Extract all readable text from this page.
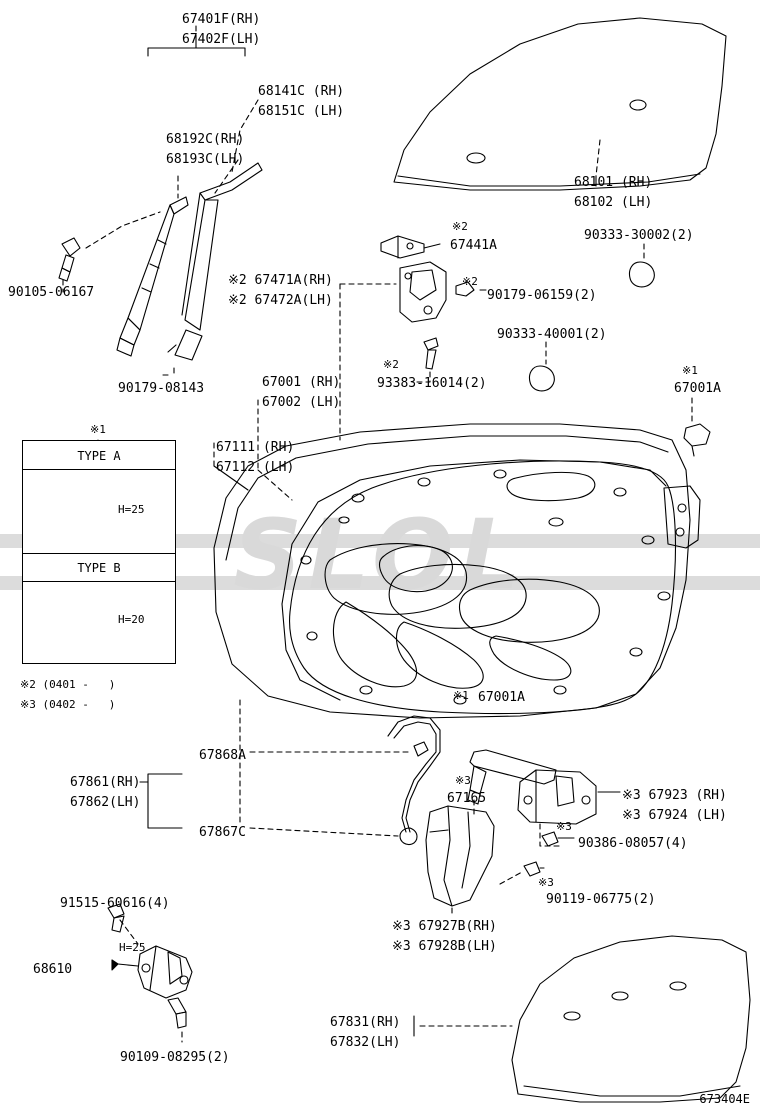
SLOL
TYPE A
TYPE B
H=25
H=25
H=20
※1
※2 (0401 -   )
※3 (0402 -   )
67401F(RH)
67402F(LH)
68141C (RH)
68151C (LH)
68192C(RH)
68193C(LH)
90105-06167
90179-08143
68101 (RH)
68102 (LH)
67441A
※2
※2 67471A(RH)
※2 67472A(LH)
※2
90179-06159(2)
90333-30002(2)
90333-40001(2)
※2
93383-16014(2)
※1
67001A
67001 (RH)
67002 (LH)
67111 (RH)
67112 (LH)
※1 67001A
67868A
67861(RH)
67862(LH)
67867C
※3
67165	※3 67923 (RH)
※3 67924 (LH)
※3
90386-08057(4)
※3
90119-06775(2)
※3 67927B(RH)
※3 67928B(LH)
91515-60616(4)
68610
90109-08295(2)
67831(RH)
67832(LH)
673404E
